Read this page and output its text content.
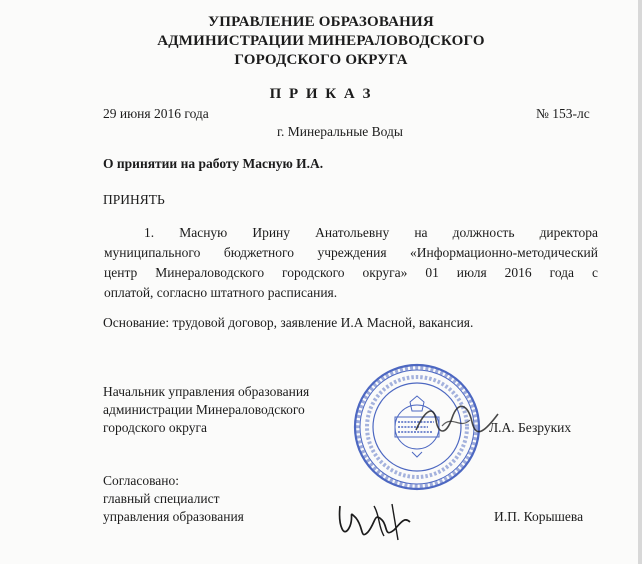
УПРАВЛЕНИЕ ОБРАЗОВАНИЯ
АДМИНИСТРАЦИИ МИНЕРАЛОВОДСКОГО
ГОРОДСКОГО ОКРУГА
П Р И К А З
29 июня 2016 года	№ 153-лс
г. Минеральные Воды
О принятии на работу Масную И.А.
ПРИНЯТЬ
1. Масную Ирину Анатольевну на должность директора
муниципального бюджетного учреждения «Информационно-методический
центр Минераловодского городского округа» 01 июля 2016 года с
оплатой, согласно штатного расписания.
Основание: трудовой договор, заявление И.А Масной, вакансия.
Начальник управления образования
администрации Минераловодского
городского округа	Л.А. Безруких
Согласовано:
главный специалист
управления образования	И.П. Корышева
